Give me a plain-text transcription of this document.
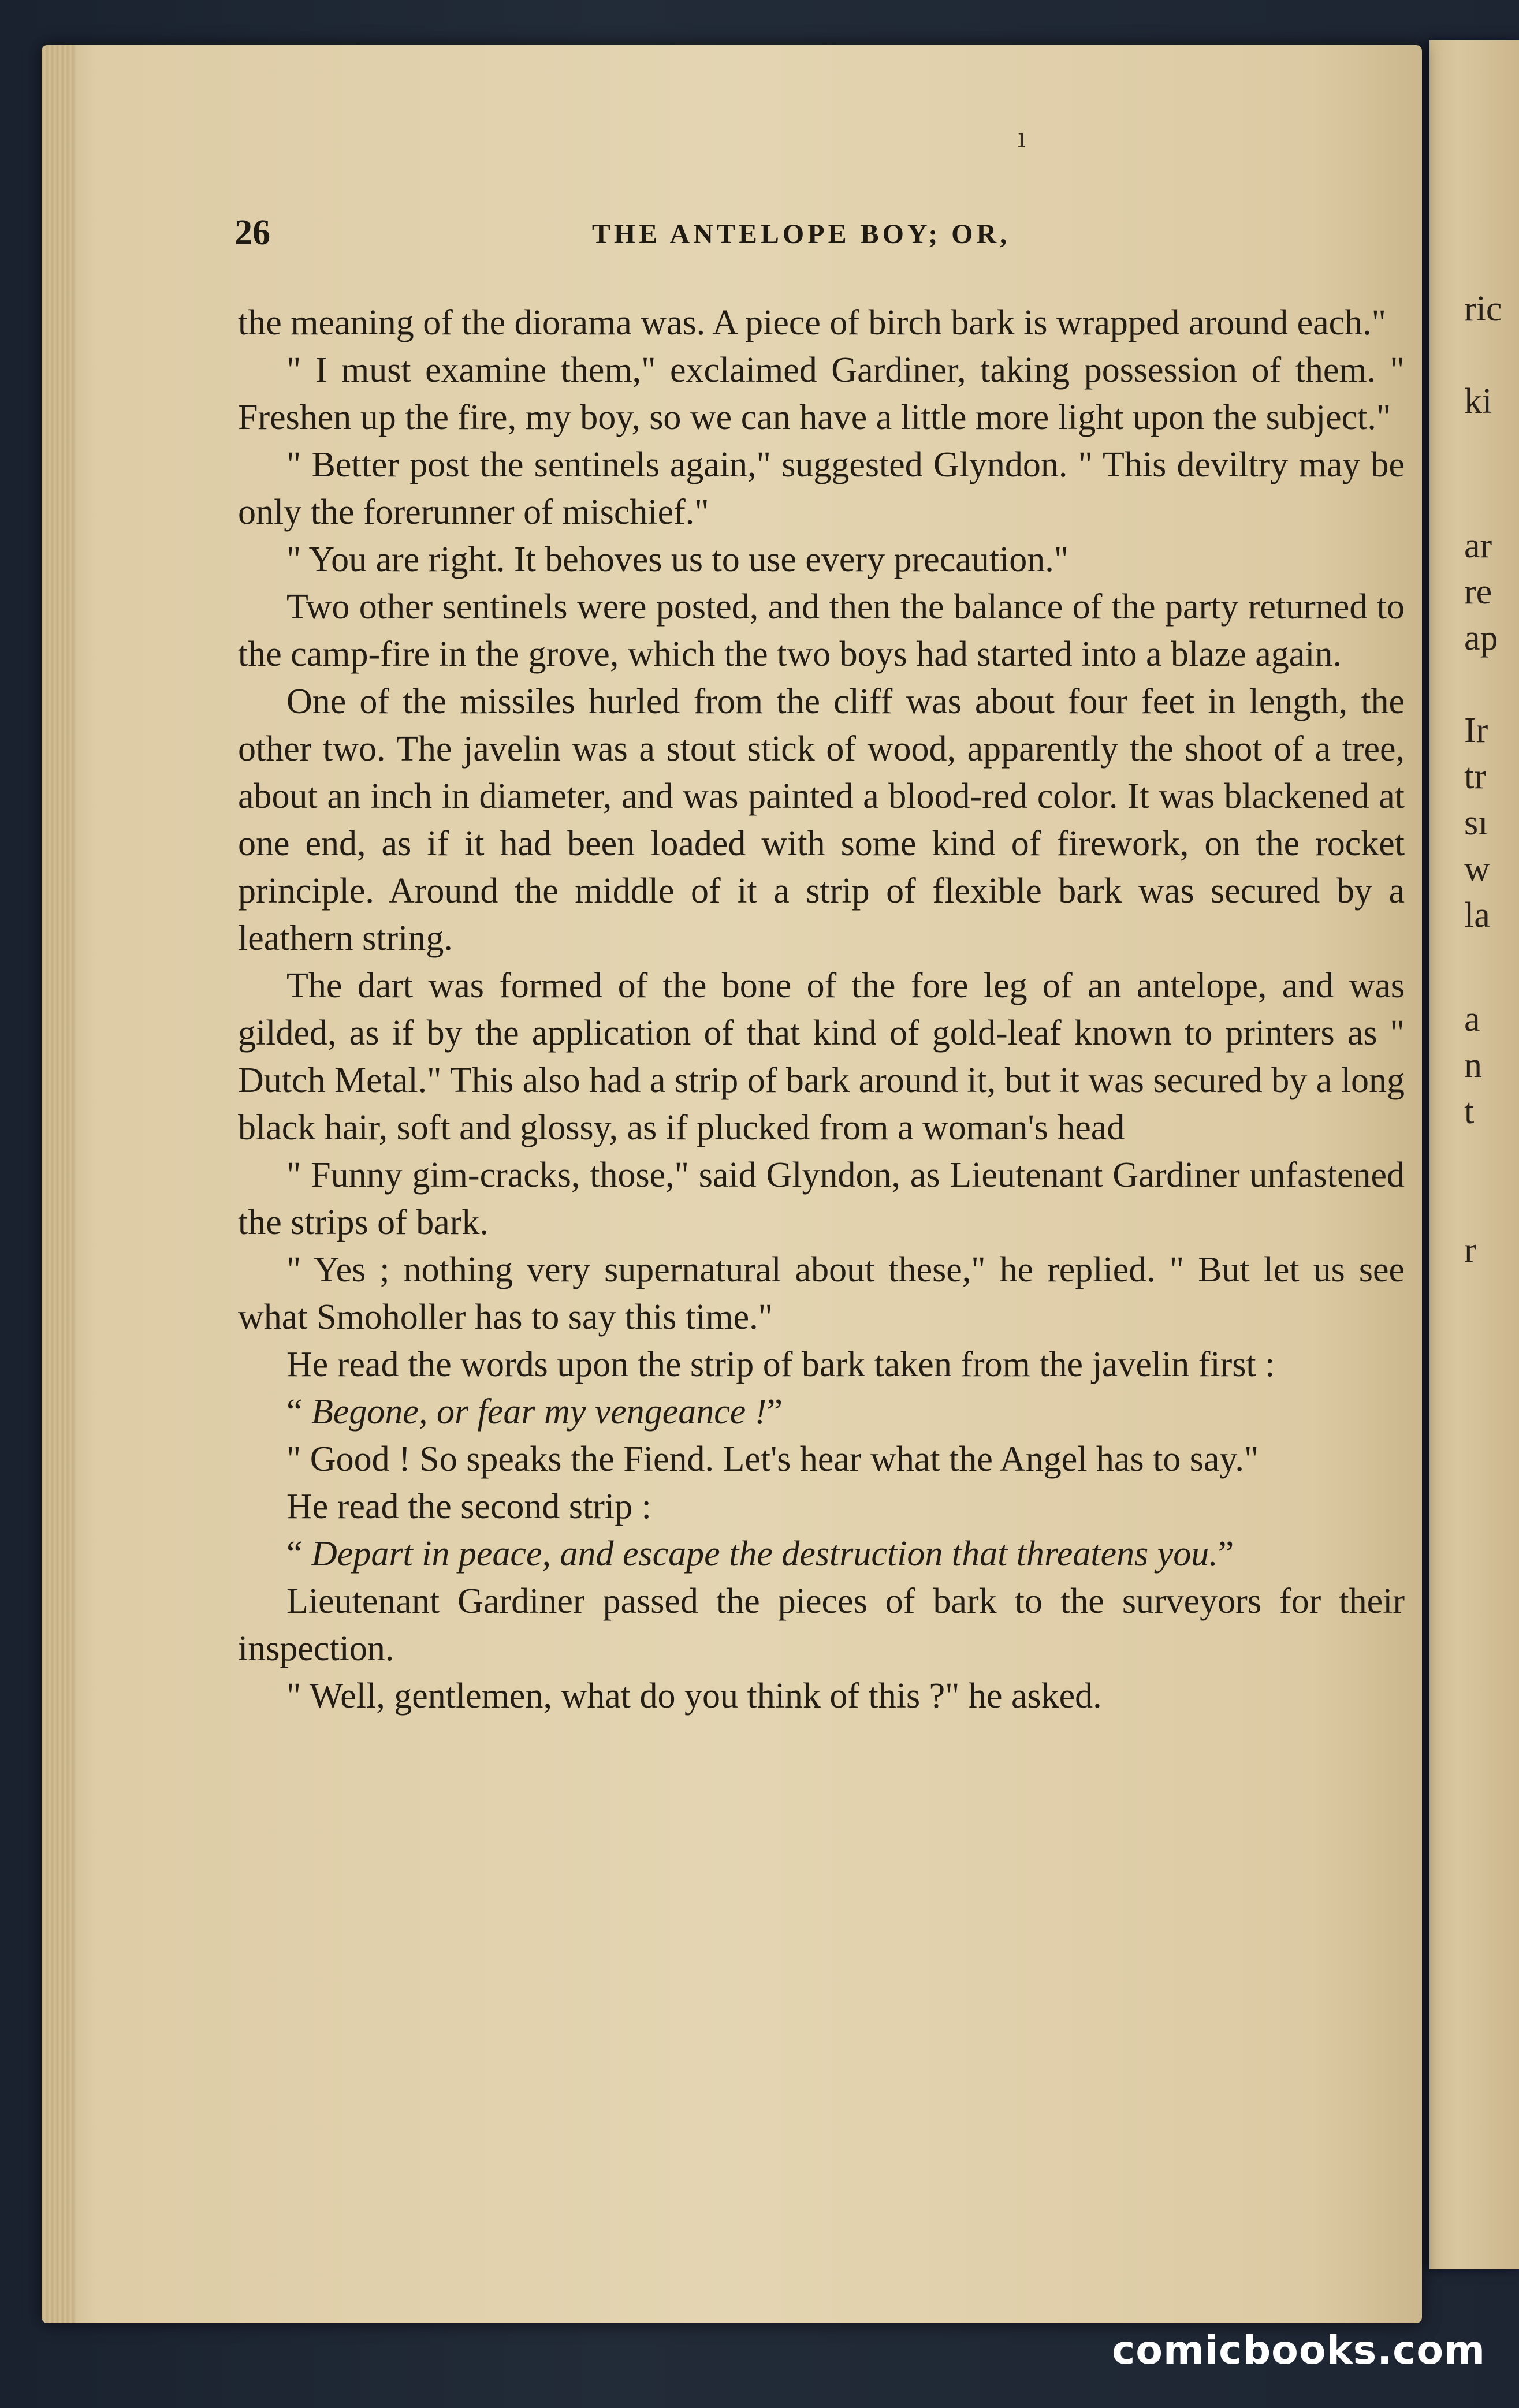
ric
ki
ar
re
ap
Ir
tr
sı
w
la
a
n
t
r
ı
26	THE ANTELOPE BOY; OR,

the meaning of the diorama was. A piece of birch bark is wrapped around each."

" I must examine them," exclaimed Gardiner, taking possession of them. " Freshen up the fire, my boy, so we can have a little more light upon the subject."

" Better post the sentinels again," suggested Glyndon. " This deviltry may be only the forerunner of mischief."

" You are right. It behoves us to use every precaution."

Two other sentinels were posted, and then the balance of the party returned to the camp-fire in the grove, which the two boys had started into a blaze again.

One of the missiles hurled from the cliff was about four feet in length, the other two. The javelin was a stout stick of wood, apparently the shoot of a tree, about an inch in diameter, and was painted a blood-red color. It was blackened at one end, as if it had been loaded with some kind of firework, on the rocket principle. Around the middle of it a strip of flexible bark was secured by a leathern string.

The dart was formed of the bone of the fore leg of an antelope, and was gilded, as if by the application of that kind of gold-leaf known to printers as " Dutch Metal." This also had a strip of bark around it, but it was secured by a long black hair, soft and glossy, as if plucked from a woman's head

" Funny gim-cracks, those," said Glyndon, as Lieutenant Gardiner unfastened the strips of bark.

" Yes ; nothing very supernatural about these," he replied. " But let us see what Smoholler has to say this time."

He read the words upon the strip of bark taken from the javelin first :

“ Begone, or fear my vengeance !”

" Good ! So speaks the Fiend. Let's hear what the Angel has to say."

He read the second strip :

“ Depart in peace, and escape the destruction that threatens you.”

Lieutenant Gardiner passed the pieces of bark to the surveyors for their inspection.

" Well, gentlemen, what do you think of this ?" he asked.

comicbooks.com
